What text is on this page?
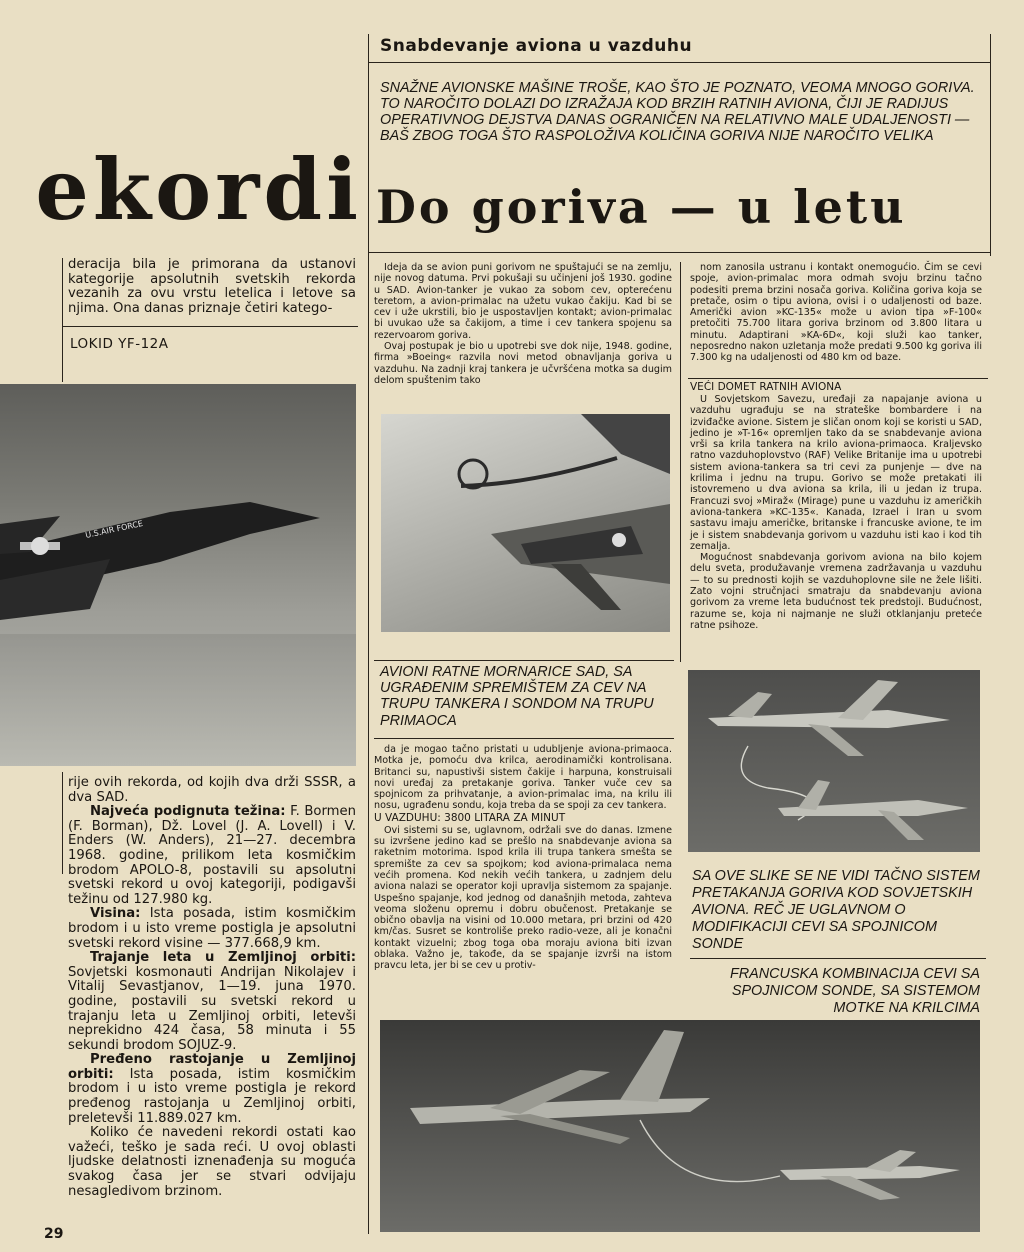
ekordi
deracija bila je primorana da ustanovi kategorije apsolutnih svetskih rekorda vezanih za ovu vrstu letelica i letove sa njima. Ona danas priznaje četiri katego-
LOKID YF-12A
U.S.AIR FORCE

rije ovih rekorda, od kojih dva drži SSSR, a dva SAD.

Najveća podignuta težina: F. Bormen (F. Borman), Dž. Lovel (J. A. Lovell) i V. Enders (W. Anders), 21—27. decembra 1968. godine, prilikom leta kosmičkim brodom APOLO-8, postavili su apsolutni svetski rekord u ovoj kategoriji, podigavši težinu od 127.980 kg.

Visina: Ista posada, istim kosmičkim brodom i u isto vreme postigla je apsolutni svetski rekord visine — 377.668,9 km.

Trajanje leta u Zemljinoj orbiti: Sovjetski kosmonauti Andrijan Nikolajev i Vitalij Sevastjanov, 1—19. juna 1970. godine, postavili su svetski rekord u trajanju leta u Zemljinoj orbiti, letevši neprekidno 424 časa, 58 minuta i 55 sekundi brodom SOJUZ-9.

Pređeno rastojanje u Zemljinoj orbiti: Ista posada, istim kosmičkim brodom i u isto vreme postigla je rekord pređenog rastojanja u Zemljinoj orbiti, preletevši 11.889.027 km.

Koliko će navedeni rekordi ostati kao važeći, teško je sada reći. U ovoj oblasti ljudske delatnosti iznenađenja su moguća svakog časa jer se stvari odvijaju nesagledivom brzinom.

29
Snabdevanje aviona u vazduhu
SNAŽNE AVIONSKE MAŠINE TROŠE, KAO ŠTO JE POZNATO, VEOMA MNOGO GORIVA. TO NAROČITO DOLAZI DO IZRAŽAJA KOD BRZIH RATNIH AVIONA, ČIJI JE RADIJUS OPERATIVNOG DEJSTVA DANAS OGRANIČEN NA RELATIVNO MALE UDALJENOSTI — BAŠ ZBOG TOGA ŠTO RASPOLOŽIVA KOLIČINA GORIVA NIJE NAROČITO VELIKA
Do goriva — u letu

Ideja da se avion puni gorivom ne spuštajući se na zemlju, nije novog datuma. Prvi pokušaji su učinjeni još 1930. godine u SAD. Avion-tanker je vukao za sobom cev, opterećenu teretom, a avion-primalac na užetu vukao čakiju. Kad bi se cev i uže ukrstili, bio je uspostavljen kontakt; avion-primalac bi uvukao uže sa čakijom, a time i cev tankera spojenu sa rezervoarom goriva.

Ovaj postupak je bio u upotrebi sve dok nije, 1948. godine, firma »Boeing« razvila novi metod obnavljanja goriva u vazduhu. Na zadnji kraj tankera je učvršćena motka sa dugim delom spuštenim tako

AVIONI RATNE MORNARICE SAD, SA UGRAĐENIM SPREMIŠTEM ZA CEV NA TRUPU TANKERA I SONDOM NA TRUPU PRIMAOCA

da je mogao tačno pristati u udubljenje aviona-primaoca. Motka je, pomoću dva krilca, aerodinamički kontrolisana. Britanci su, napustivši sistem čakije i harpuna, konstruisali novi uređaj za pretakanje goriva. Tanker vuče cev sa spojnicom za prihvatanje, a avion-primalac ima, na krilu ili nosu, ugrađenu sondu, koja treba da se spoji za cev tankera.

U VAZDUHU: 3800 LITARA ZA MINUT

Ovi sistemi su se, uglavnom, održali sve do danas. Izmene su izvršene jedino kad se prešlo na snabdevanje aviona sa raketnim motorima. Ispod krila ili trupa tankera smešta se spremište za cev sa spojkom; kod aviona-primalaca nema većih promena. Kod nekih većih tankera, u zadnjem delu aviona nalazi se operator koji upravlja sistemom za spajanje. Uspešno spajanje, kod jednog od današnjih metoda, zahteva veoma složenu opremu i dobru obučenost. Pretakanje se obično obavlja na visini od 10.000 metara, pri brzini od 420 km/čas. Susret se kontroliše preko radio-veze, ali je konačni kontakt vizuelni; zbog toga oba moraju aviona biti izvan oblaka. Važno je, takođe, da se spajanje izvrši na istom pravcu leta, jer bi se cev u protiv-

nom zanosila ustranu i kontakt onemogućio. Čim se cevi spoje, avion-primalac mora odmah svoju brzinu tačno podesiti prema brzini nosača goriva. Količina goriva koja se pretače, osim o tipu aviona, ovisi i o udaljenosti od baze. Američki avion »KC-135« može u avion tipa »F-100« pretočiti 75.700 litara goriva brzinom od 3.800 litara u minutu. Adaptirani »KA-6D«, koji služi kao tanker, neposredno nakon uzletanja može predati 9.500 kg goriva ili 7.300 kg na udaljenosti od 480 km od baze.

VEĆI DOMET RATNIH AVIONA

U Sovjetskom Savezu, uređaji za napajanje aviona u vazduhu ugrađuju se na strateške bombardere i na izviđačke avione. Sistem je sličan onom koji se koristi u SAD, jedino je »T-16« opremljen tako da se snabdevanje aviona vrši sa krila tankera na krilo aviona-primaoca. Kraljevsko ratno vazduhoplovstvo (RAF) Velike Britanije ima u upotrebi sistem aviona-tankera sa tri cevi za punjenje — dve na krilima i jednu na trupu. Gorivo se može pretakati ili istovremeno u dva aviona sa krila, ili u jedan iz trupa. Francuzi svoj »Miraž« (Mirage) pune u vazduhu iz američkih aviona-tankera »KC-135«. Kanada, Izrael i Iran u svom sastavu imaju američke, britanske i francuske avione, te im je i sistem snabdevanja gorivom u vazduhu isti kao i kod tih zemalja.

Mogućnost snabdevanja gorivom aviona na bilo kojem delu sveta, produžavanje vremena zadržavanja u vazduhu — to su prednosti kojih se vazduhoplovne sile ne žele lišiti. Zato vojni stručnjaci smatraju da snabdevanju aviona gorivom za vreme leta budućnost tek predstoji. Budućnost, razume se, koja ni najmanje ne služi otklanjanju preteće ratne psihoze.

SA OVE SLIKE SE NE VIDI TAČNO SISTEM PRETAKANJA GORIVA KOD SOVJETSKIH AVIONA. REČ JE UGLAVNOM O MODIFIKACIJI CEVI SA SPOJNICOM SONDE
FRANCUSKA KOMBINACIJA CEVI SA SPOJNICOM SONDE, SA SISTEMOM MOTKE NA KRILCIMA
